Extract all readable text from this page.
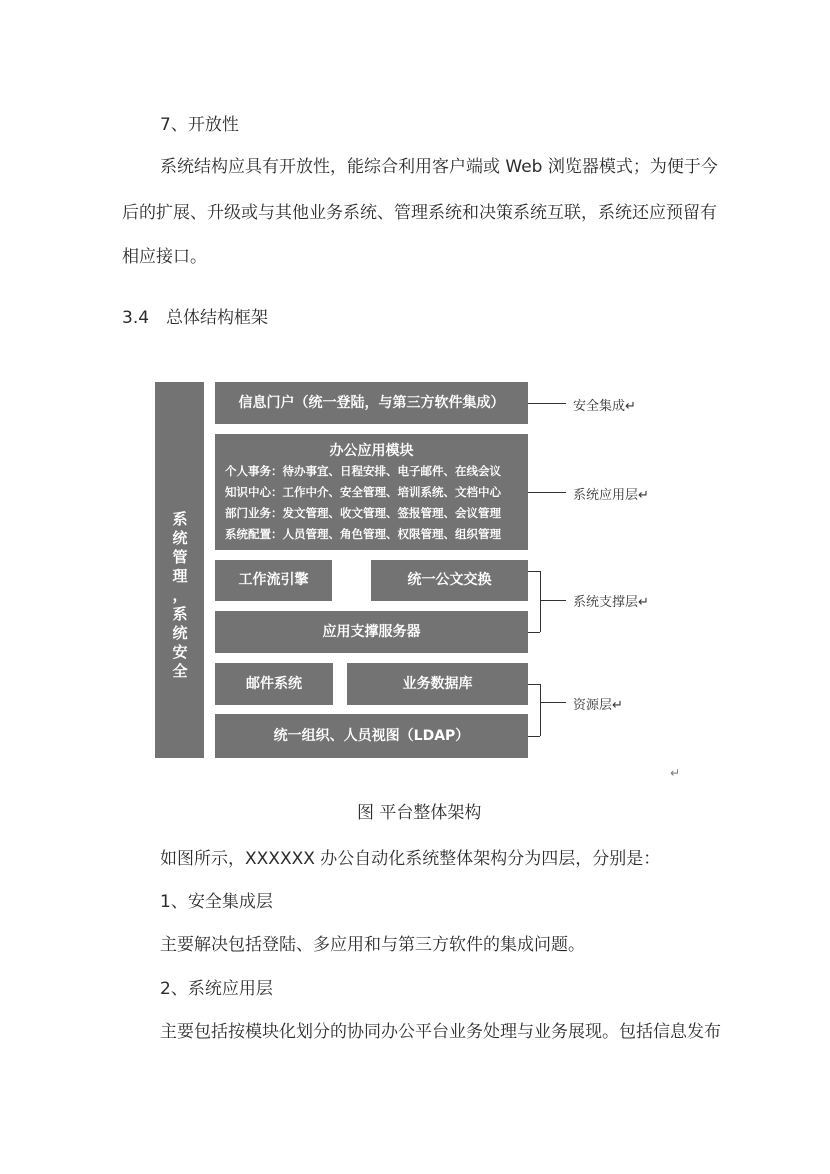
7、开放性
系统结构应具有开放性，能综合利用客户端或 Web 浏览器模式；为便于今
后的扩展、升级或与其他业务系统、管理系统和决策系统互联，系统还应预留有
相应接口。
3.4　总体结构框架
系
统
管
理
，
系
统
安
全
信息门户（统一登陆，与第三方软件集成）
办公应用模块
个人事务：待办事宜、日程安排、电子邮件、在线会议
知识中心：工作中介、安全管理、培训系统、文档中心
部门业务：发文管理、收文管理、签报管理、会议管理
系统配置：人员管理、角色管理、权限管理、组织管理
工作流引擎	统一公文交换
应用支撑服务器
邮件系统	业务数据库
统一组织、人员视图（LDAP）
安全集成↵
系统应用层↵
系统支撑层↵
资源层↵
↵
图 平台整体架构
如图所示，XXXXXX 办公自动化系统整体架构分为四层，分别是：
1、安全集成层
主要解决包括登陆、多应用和与第三方软件的集成问题。
2、系统应用层
主要包括按模块化划分的协同办公平台业务处理与业务展现。包括信息发布
